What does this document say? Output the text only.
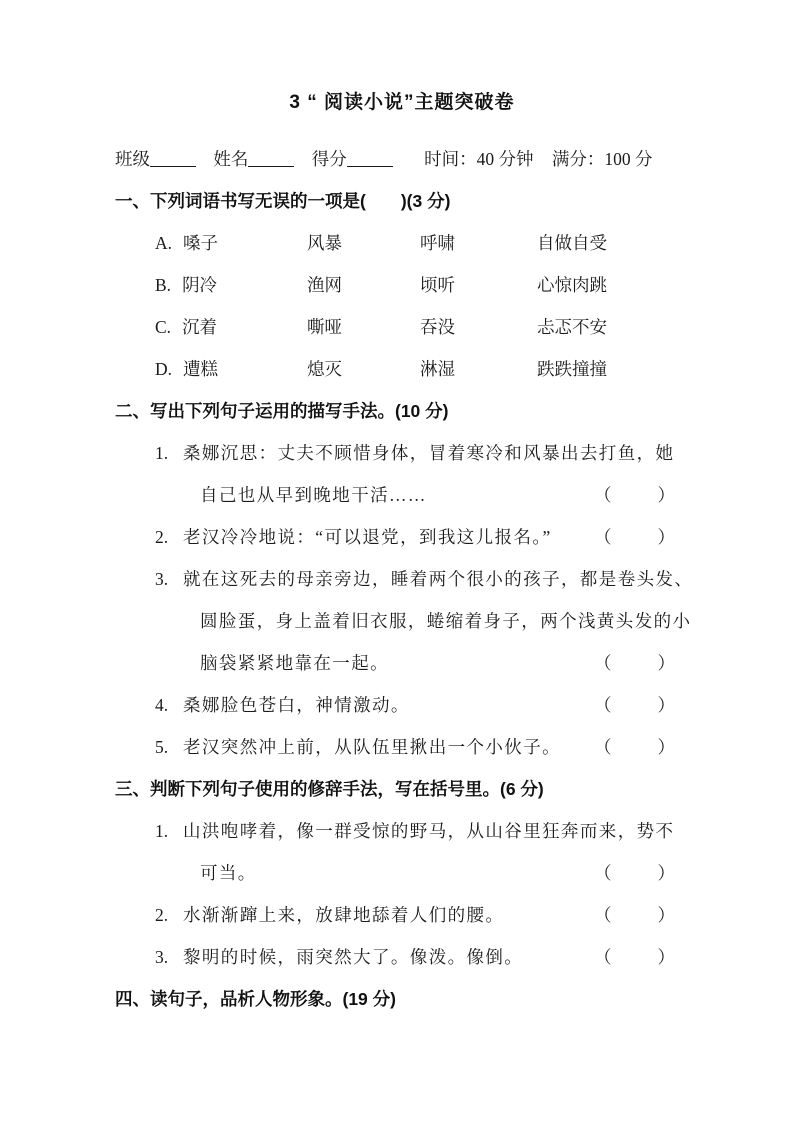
3 “ 阅读小说”主题突破卷
班级	姓名	得分	时间：40 分钟 满分：100 分
一、下列词语书写无误的一项是(　　)(3 分)
A. 嗓子	风暴	呼啸	自做自受
B. 阴冷	渔网	顷听	心惊肉跳
C. 沉着	嘶哑	吞没	忐忑不安
D. 遭糕	熄灭	淋湿	跌跌撞撞
二、写出下列句子运用的描写手法。(10 分)
1. 桑娜沉思：丈夫不顾惜身体，冒着寒冷和风暴出去打鱼，她
自己也从早到晚地干活……	（	）
2. 老汉冷冷地说：“可以退党，到我这儿报名。” （	）
3. 就在这死去的母亲旁边，睡着两个很小的孩子，都是卷头发、
圆脸蛋，身上盖着旧衣服，蜷缩着身子，两个浅黄头发的小
脑袋紧紧地靠在一起。	（	）
4. 桑娜脸色苍白，神情激动。	（	）
5. 老汉突然冲上前，从队伍里揪出一个小伙子。 （	）
三、判断下列句子使用的修辞手法，写在括号里。(6 分)
1. 山洪咆哮着，像一群受惊的野马，从山谷里狂奔而来，势不
可当。	（	）
2. 水渐渐蹿上来，放肆地舔着人们的腰。	（	）
3. 黎明的时候，雨突然大了。像泼。像倒。	（	）
四、读句子，品析人物形象。(19 分)
